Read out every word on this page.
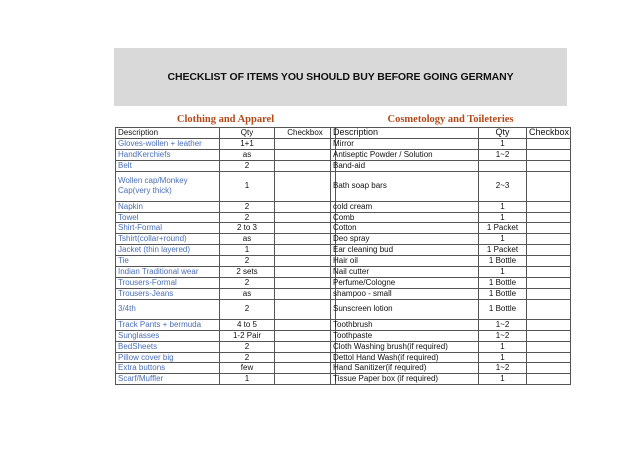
CHECKLIST OF ITEMS YOU SHOULD BUY BEFORE GOING GERMANY
Clothing and Apparel		
Description	Qty	Checkbox
Gloves-wollen + leather	1+1	
HandKerchiefs	as	
Belt	2	
Wollen cap/Monkey Cap(very thick)	1	
Napkin	2	
Towel	2	
Shirt-Formal	2 to 3	
Tshirt(collar+round)	as	
Jacket (thin layered)	1	
Tie	2	
Indian Traditional wear	2 sets	
Trousers-Formal	2	
Trousers-Jeans	as	
3/4th	2	
Track Pants + bermuda	4 to 5	
Sunglasses	1-2 Pair	
BedSheets	2	
Pillow cover big	2	
Extra buttons	few	
Scarf/Muffler	1	
Cosmetology and Toileteries		
Description	Qty	Checkbox
Mirror	1	
Antiseptic Powder / Solution	1~2	
Band-aid		
Bath soap bars	2~3	
cold cream	1	
Comb	1	
Cotton	1 Packet	
Deo spray	1	
Ear cleaning bud	1 Packet	
Hair oil	1 Bottle	
Nail cutter	1	
Perfume/Cologne	1 Bottle	
shampoo - small	1 Bottle	
Sunscreen lotion	1 Bottle	
Toothbrush	1~2	
Toothpaste	1~2	
Cloth Washing brush(if required)	1	
Dettol Hand Wash(if required)	1	
Hand Sanitizer(if required)	1~2	
Tissue Paper box (if required)	1	
